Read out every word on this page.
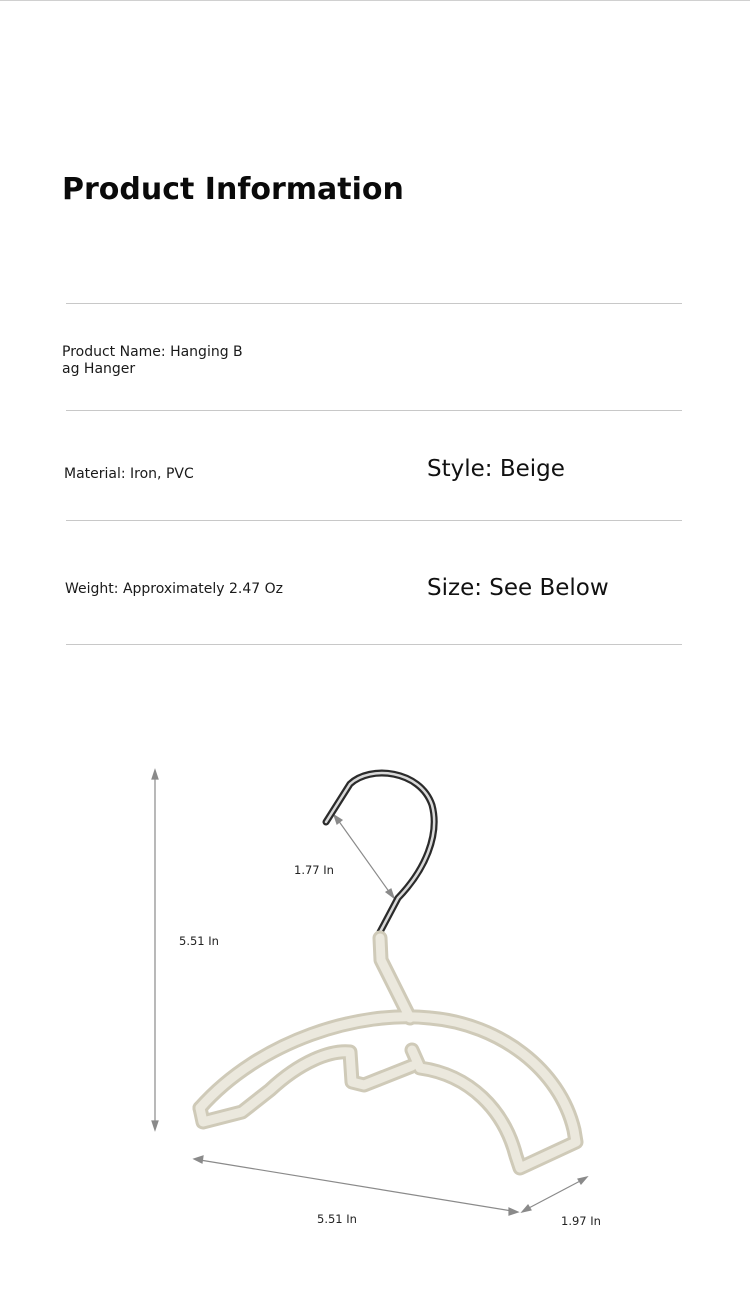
Product Information
Product Name: Hanging B
ag Hanger
Material: Iron, PVC	Style: Beige
Weight: Approximately 2.47 Oz	Size: See Below
5.51 In
1.77 In
5.51 In	1.97 In
